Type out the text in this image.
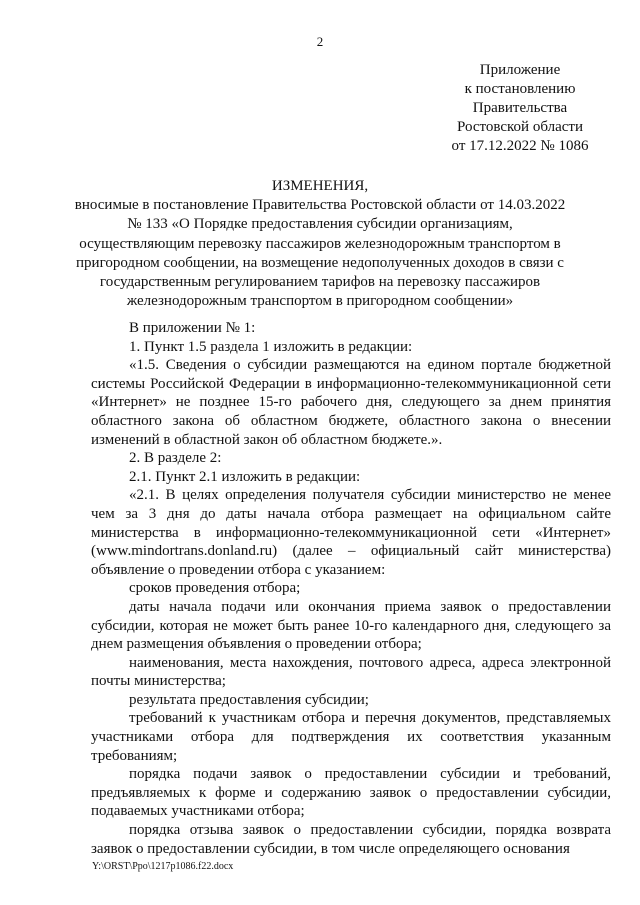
2
Приложение
к постановлению
Правительства
Ростовской области
от 17.12.2022 № 1086
ИЗМЕНЕНИЯ,
вносимые в постановление Правительства Ростовской области от 14.03.2022 № 133 «О Порядке предоставления субсидии организациям, осуществляющим перевозку пассажиров железнодорожным транспортом в пригородном сообщении, на возмещение недополученных доходов в связи с государственным регулированием тарифов на перевозку пассажиров железнодорожным транспортом в пригородном сообщении»

В приложении № 1:

1. Пункт 1.5 раздела 1 изложить в редакции:

«1.5. Сведения о субсидии размещаются на едином портале бюджетной системы Российской Федерации в информационно-телекоммуникационной сети «Интернет» не позднее 15-го рабочего дня, следующего за днем принятия областного закона об областном бюджете, областного закона о внесении изменений в областной закон об областном бюджете.».

2. В разделе 2:

2.1. Пункт 2.1 изложить в редакции:

«2.1. В целях определения получателя субсидии министерство не менее чем за 3 дня до даты начала отбора размещает на официальном сайте министерства в информационно-телекоммуникационной сети «Интернет» (www.mindortrans.donland.ru) (далее – официальный сайт министерства) объявление о проведении отбора с указанием:

сроков проведения отбора;

даты начала подачи или окончания приема заявок о предоставлении субсидии, которая не может быть ранее 10-го календарного дня, следующего за днем размещения объявления о проведении отбора;

наименования, места нахождения, почтового адреса, адреса электронной почты министерства;

результата предоставления субсидии;

требований к участникам отбора и перечня документов, представляемых участниками отбора для подтверждения их соответствия указанным требованиям;

порядка подачи заявок о предоставлении субсидии и требований, предъявляемых к форме и содержанию заявок о предоставлении субсидии, подаваемых участниками отбора;

порядка отзыва заявок о предоставлении субсидии, порядка возврата заявок о предоставлении субсидии, в том числе определяющего основания

Y:\ORST\Ppo\1217p1086.f22.docx
